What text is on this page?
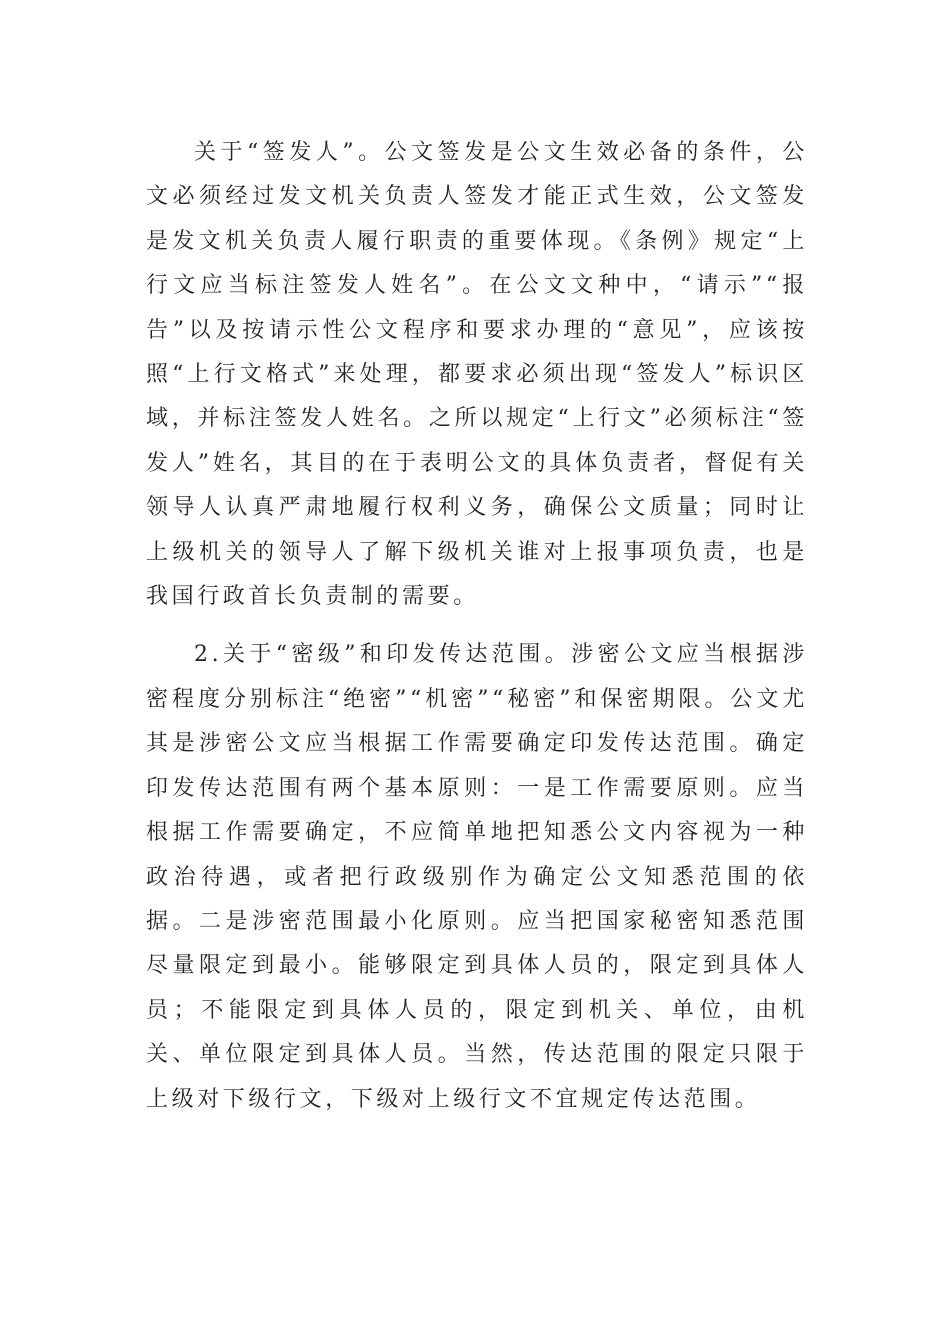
关于“签发人”。公文签发是公文生效必备的条件，公文必须经过发文机关负责人签发才能正式生效，公文签发是发文机关负责人履行职责的重要体现。《条例》规定“上行文应当标注签发人姓名”。在公文文种中，“请示”“报告”以及按请示性公文程序和要求办理的“意见”，应该按照“上行文格式”来处理，都要求必须出现“签发人”标识区域，并标注签发人姓名。之所以规定“上行文”必须标注“签发人”姓名，其目的在于表明公文的具体负责者，督促有关领导人认真严肃地履行权利义务，确保公文质量；同时让上级机关的领导人了解下级机关谁对上报事项负责，也是我国行政首长负责制的需要。

2.关于“密级”和印发传达范围。涉密公文应当根据涉密程度分别标注“绝密”“机密”“秘密”和保密期限。公文尤其是涉密公文应当根据工作需要确定印发传达范围。确定印发传达范围有两个基本原则：一是工作需要原则。应当根据工作需要确定，不应简单地把知悉公文内容视为一种政治待遇，或者把行政级别作为确定公文知悉范围的依据。二是涉密范围最小化原则。应当把国家秘密知悉范围尽量限定到最小。能够限定到具体人员的，限定到具体人员；不能限定到具体人员的，限定到机关、单位，由机关、单位限定到具体人员。当然，传达范围的限定只限于上级对下级行文，下级对上级行文不宜规定传达范围。
